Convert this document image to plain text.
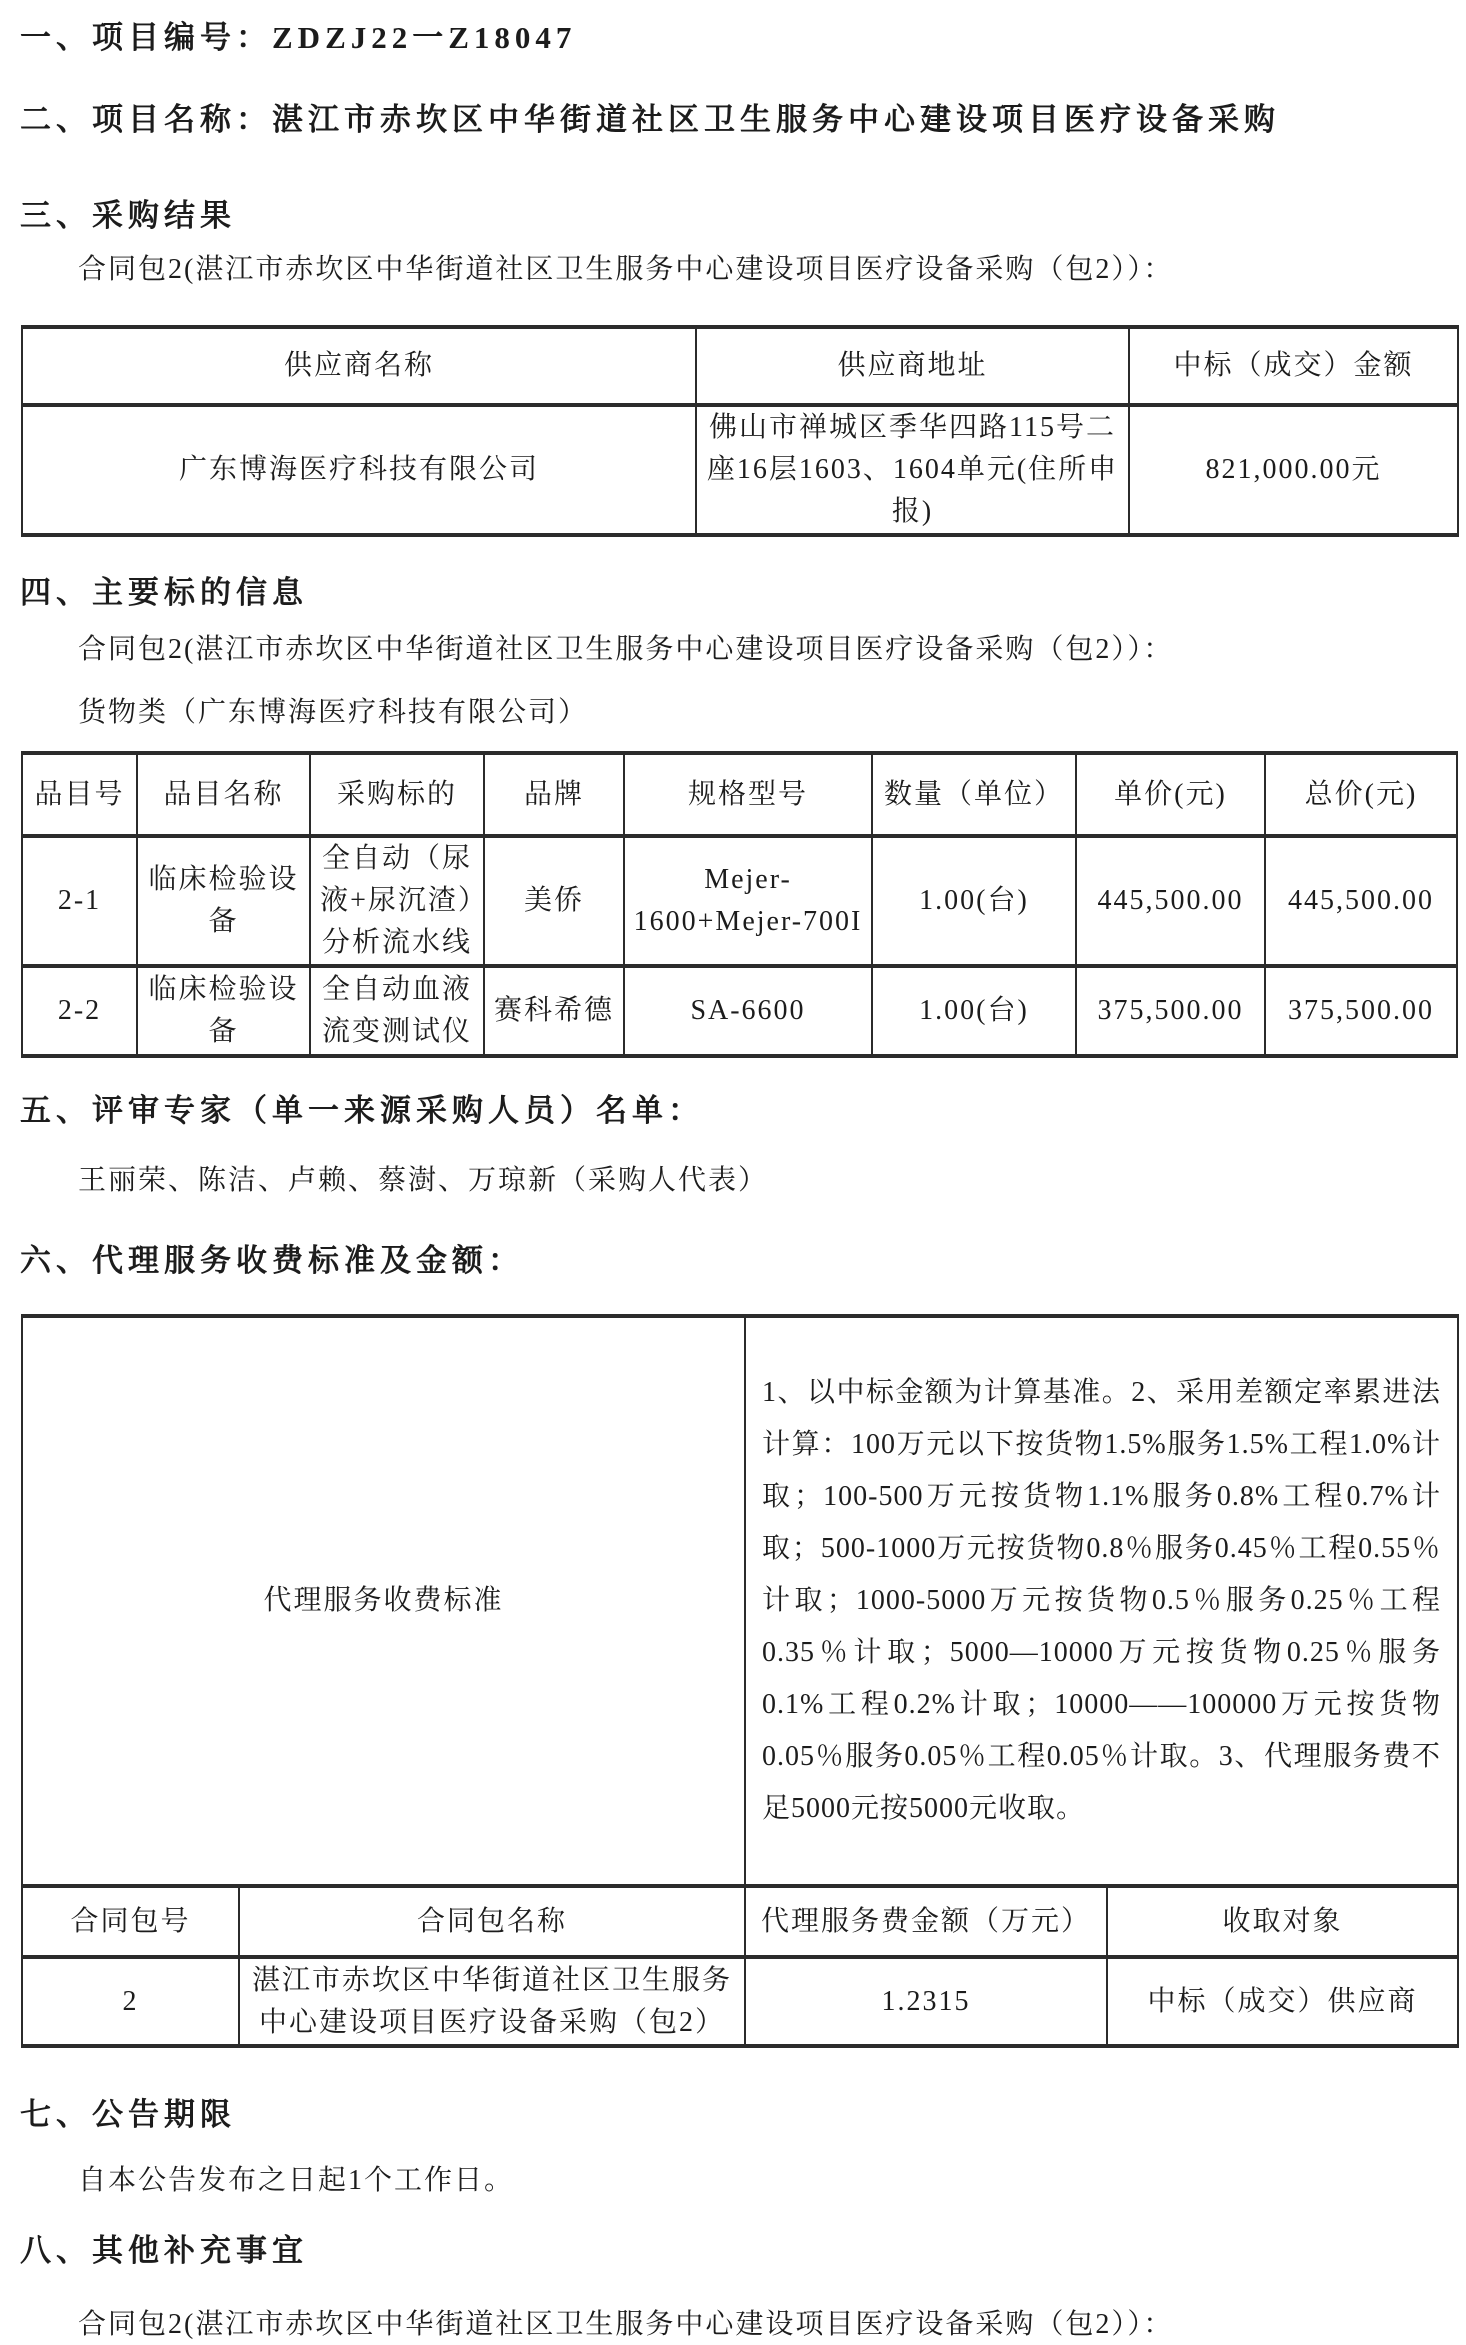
一、项目编号：ZDZJ22一Z18047
二、项目名称：湛江市赤坎区中华街道社区卫生服务中心建设项目医疗设备采购
三、采购结果
合同包2(湛江市赤坎区中华街道社区卫生服务中心建设项目医疗设备采购（包2））：
供应商名称	供应商地址	中标（成交）金额
广东博海医疗科技有限公司	佛山市禅城区季华四路115号二座16层1603、1604单元(住所申报)	821,000.00元
四、主要标的信息
合同包2(湛江市赤坎区中华街道社区卫生服务中心建设项目医疗设备采购（包2））：
货物类（广东博海医疗科技有限公司）
品目号	品目名称	采购标的	品牌	规格型号	数量（单位）	单价(元)	总价(元)
2-1	临床检验设备	全自动（尿液+尿沉渣）分析流水线	美侨	Mejer-1600+Mejer-700I	1.00(台)	445,500.00	445,500.00
2-2	临床检验设备	全自动血液流变测试仪	赛科希德	SA-6600	1.00(台)	375,500.00	375,500.00
五、评审专家（单一来源采购人员）名单：
王丽荣、陈洁、卢赖、蔡澍、万琼新（采购人代表）
六、代理服务收费标准及金额：
代理服务收费标准		1、以中标金额为计算基准。2、采用差额定率累进法计算：100万元以下按货物1.5%服务1.5%工程1.0%计取；100-500万元按货物1.1%服务0.8%工程0.7%计取；500-1000万元按货物0.8％服务0.45％工程0.55％计取；1000-5000万元按货物0.5％服务0.25％工程0.35％计取；5000—10000万元按货物0.25％服务0.1%工程0.2%计取；10000——100000万元按货物0.05％服务0.05％工程0.05％计取。3、代理服务费不足5000元按5000元收取。	
合同包号	合同包名称	代理服务费金额（万元）	收取对象
2	湛江市赤坎区中华街道社区卫生服务中心建设项目医疗设备采购（包2）	1.2315	中标（成交）供应商
七、公告期限
自本公告发布之日起1个工作日。
八、其他补充事宜
合同包2(湛江市赤坎区中华街道社区卫生服务中心建设项目医疗设备采购（包2））：
